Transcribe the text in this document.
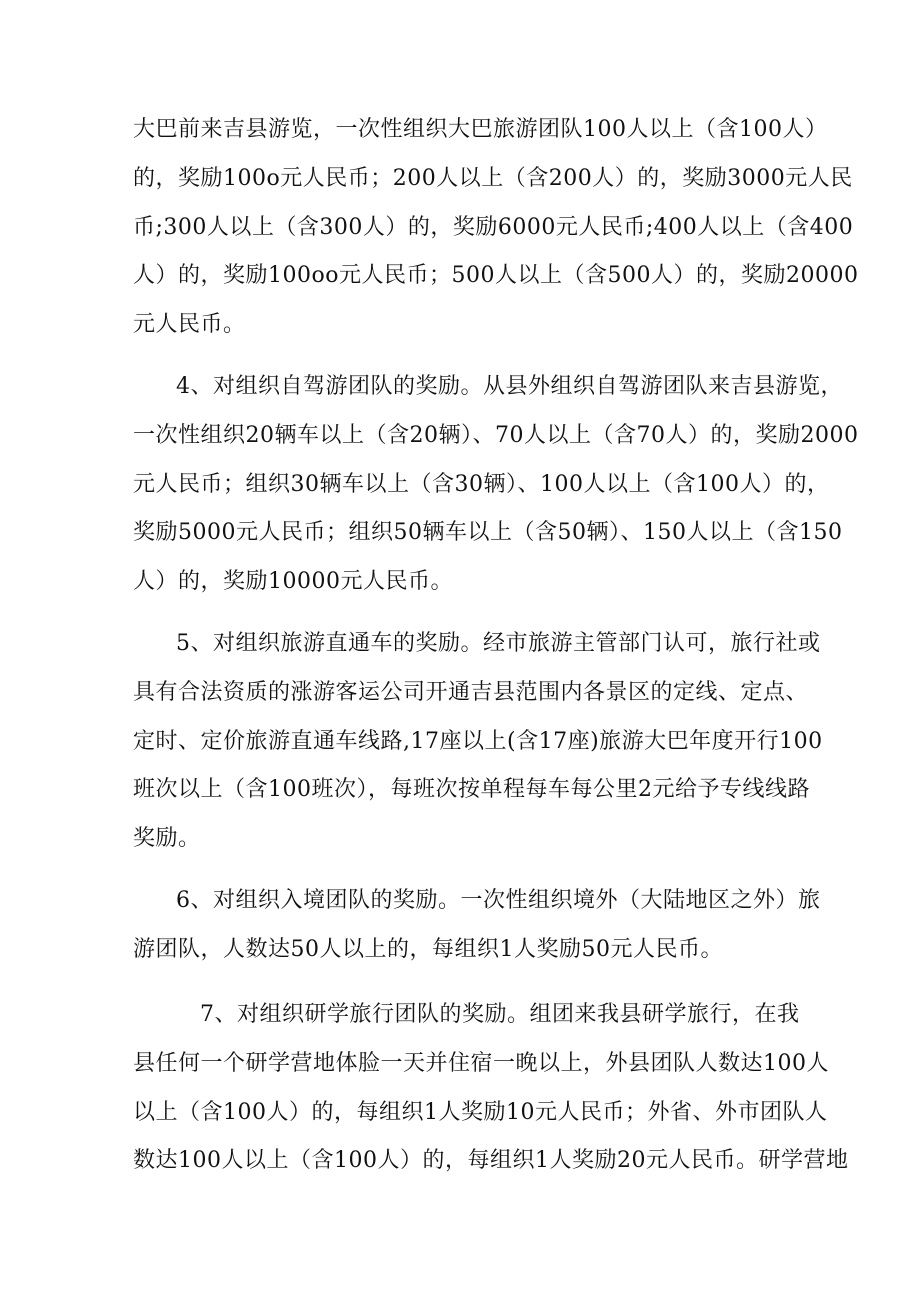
大巴前来吉县游览，一次性组织大巴旅游团队100人以上（含100人）
的，奖励100o元人民币；200人以上（含200人）的，奖励3000元人民
币;300人以上（含300人）的，奖励6000元人民币;400人以上（含400
人）的，奖励100oo元人民币；500人以上（含500人）的，奖励20000
元人民币。
4、对组织自驾游团队的奖励。从县外组织自驾游团队来吉县游览，
一次性组织20辆车以上（含20辆）、70人以上（含70人）的，奖励2000
元人民币；组织30辆车以上（含30辆）、100人以上（含100人）的，
奖励5000元人民币；组织50辆车以上（含50辆）、150人以上（含150
人）的，奖励10000元人民币。
5、对组织旅游直通车的奖励。经市旅游主管部门认可，旅行社或
具有合法资质的涨游客运公司开通吉县范围内各景区的定线、定点、
定时、定价旅游直通车线路,17座以上(含17座)旅游大巴年度开行100
班次以上（含100班次），每班次按单程每车每公里2元给予专线线路
奖励。
6、对组织入境团队的奖励。一次性组织境外（大陆地区之外）旅
游团队，人数达50人以上的，每组织1人奖励50元人民币。
7、对组织研学旅行团队的奖励。组团来我县研学旅行，在我
县任何一个研学营地体脸一天并住宿一晚以上，外县团队人数达100人
以上（含100人）的，每组织1人奖励10元人民币；外省、外市团队人
数达100人以上（含100人）的，每组织1人奖励20元人民币。研学营地
